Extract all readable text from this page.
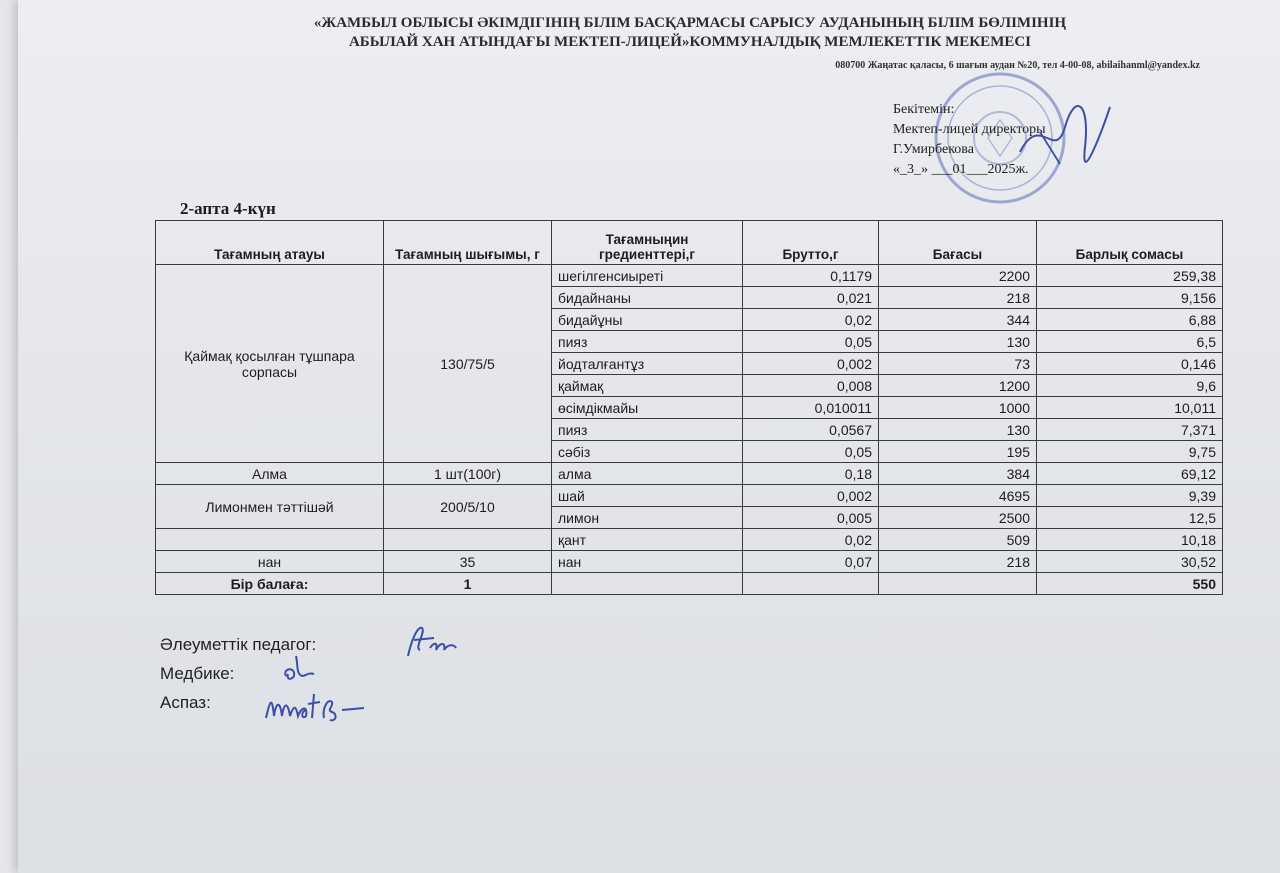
«ЖАМБЫЛ ОБЛЫСЫ ӘКІМДІГІНІҢ БІЛІМ БАСҚАРМАСЫ САРЫСУ АУДАНЫНЫҢ БІЛІМ БӨЛІМІНІҢ
АБЫЛАЙ ХАН АТЫНДАҒЫ МЕКТЕП-ЛИЦЕЙ»КОММУНАЛДЫҚ МЕМЛЕКЕТТІК МЕКЕМЕСІ
080700 Жаңатас қаласы, 6 шағын аудан №20, тел 4-00-08, abilaihanml@yandex.kz
Бекітемін:
Мектеп-лицей директоры
Г.Умирбекова
«_3_» ___01___2025ж.
2-апта 4-күн
Тағамның атауы	Тағамның шығымы, г	Тағамныңин гредиенттері,г	Брутто,г	Бағасы	Барлық сомасы
Қаймақ қосылған тұшпара сорпасы	130/75/5	шегілгенсиыреті	0,1179	2200	259,38
		бидайнаны	0,021	218	9,156
		бидайұны	0,02	344	6,88
		пияз	0,05	130	6,5
		йодталғантұз	0,002	73	0,146
		қаймақ	0,008	1200	9,6
		өсімдікмайы	0,010011	1000	10,011
		пияз	0,0567	130	7,371
		сәбіз	0,05	195	9,75
Алма	1 шт(100г)	алма	0,18	384	69,12
Лимонмен тәттішәй	200/5/10	шай	0,002	4695	9,39
		лимон	0,005	2500	12,5
		қант	0,02	509	10,18
нан	35	нан	0,07	218	30,52
Бір балаға:	1				550
Әлеуметтік педагог:
Медбике:
Аспаз:
